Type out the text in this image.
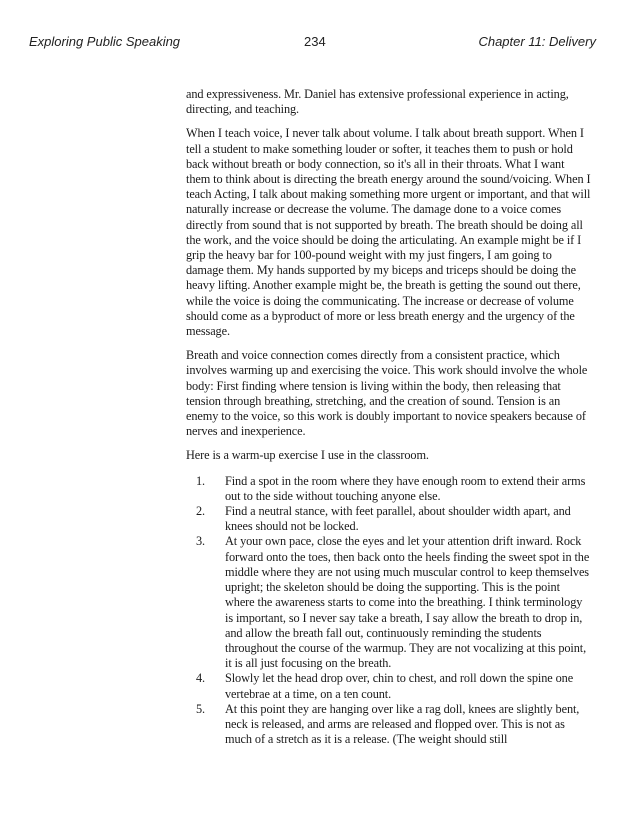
Exploring Public Speaking	234	Chapter 11: Delivery

and expressiveness. Mr. Daniel has extensive professional experience in acting, directing, and teaching.

When I teach voice, I never talk about volume. I talk about breath support. When I tell a student to make something louder or softer, it teaches them to push or hold back without breath or body connection, so it's all in their throats. What I want them to think about is directing the breath energy around the sound/voicing. When I teach Acting, I talk about making something more urgent or important, and that will naturally increase or decrease the volume. The damage done to a voice comes directly from sound that is not supported by breath. The breath should be doing all the work, and the voice should be doing the articulating. An example might be if I grip the heavy bar for 100-pound weight with my just fingers, I am going to damage them. My hands supported by my biceps and triceps should be doing the heavy lifting. Another example might be, the breath is getting the sound out there, while the voice is doing the communicating. The increase or decrease of volume should come as a byproduct of more or less breath energy and the urgency of the message.

Breath and voice connection comes directly from a consistent practice, which involves warming up and exercising the voice. This work should involve the whole body: First finding where tension is living within the body, then releasing that tension through breathing, stretching, and the creation of sound. Tension is an enemy to the voice, so this work is doubly important to novice speakers because of nerves and inexperience.

Here is a warm-up exercise I use in the classroom.

1.	Find a spot in the room where they have enough room to extend their arms out to the side without touching anyone else.
2.	Find a neutral stance, with feet parallel, about shoulder width apart, and knees should not be locked.
3.	At your own pace, close the eyes and let your attention drift inward. Rock forward onto the toes, then back onto the heels finding the sweet spot in the middle where they are not using much muscular control to keep themselves upright; the skeleton should be doing the supporting. This is the point where the awareness starts to come into the breathing. I think terminology is important, so I never say take a breath, I say allow the breath to drop in, and allow the breath fall out, continuously reminding the students throughout the course of the warmup. They are not vocalizing at this point, it is all just focusing on the breath.
4.	Slowly let the head drop over, chin to chest, and roll down the spine one vertebrae at a time, on a ten count.
5.	At this point they are hanging over like a rag doll, knees are slightly bent, neck is released, and arms are released and flopped over. This is not as much of a stretch as it is a release. (The weight should still
